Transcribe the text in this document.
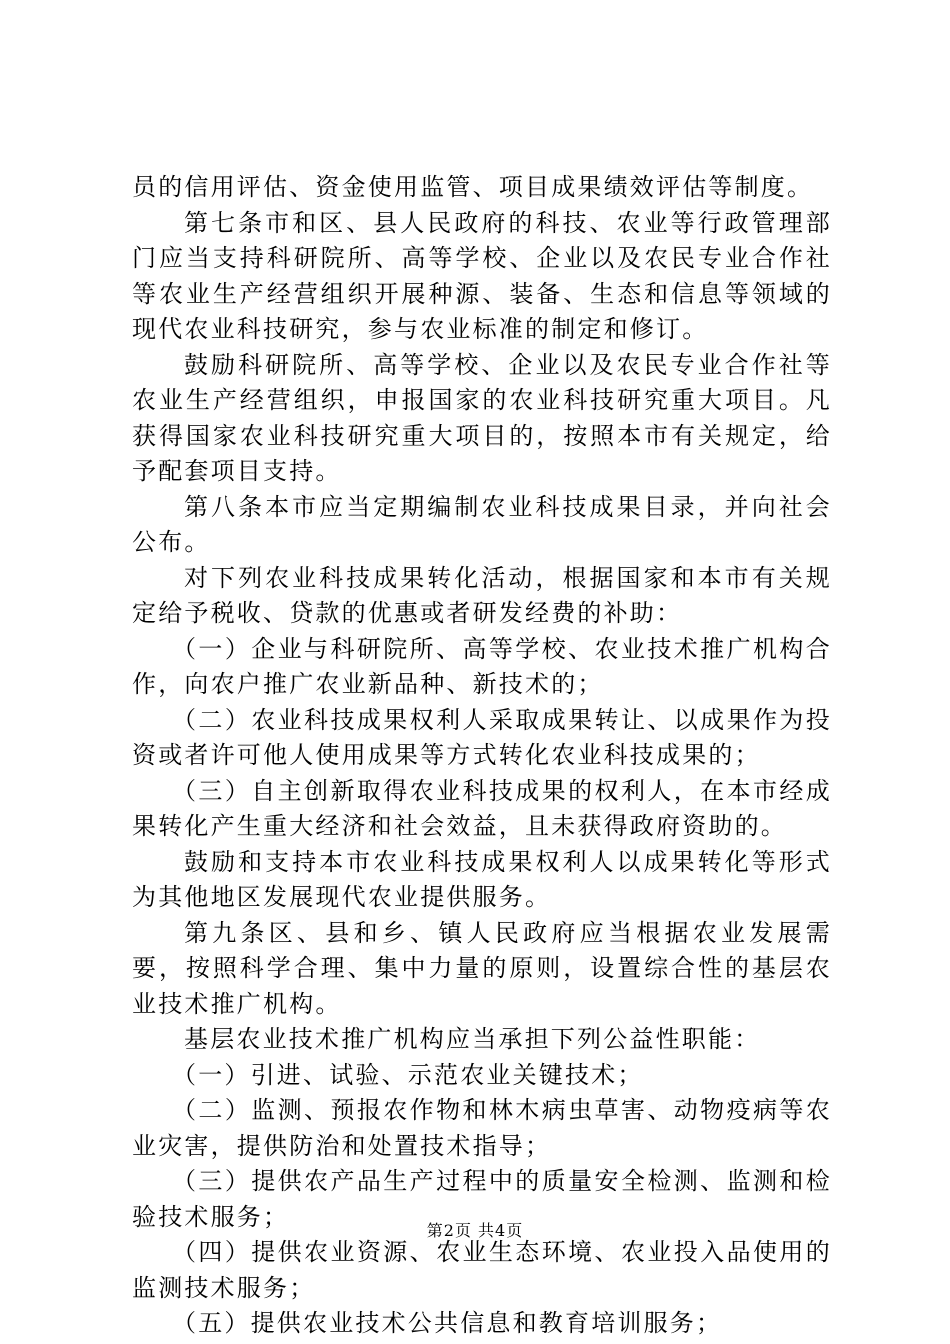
员的信用评估、资金使用监管、项目成果绩效评估等制度。

第七条市和区、县人民政府的科技、农业等行政管理部门应当支持科研院所、高等学校、企业以及农民专业合作社等农业生产经营组织开展种源、装备、生态和信息等领域的现代农业科技研究，参与农业标准的制定和修订。

鼓励科研院所、高等学校、企业以及农民专业合作社等农业生产经营组织，申报国家的农业科技研究重大项目。凡获得国家农业科技研究重大项目的，按照本市有关规定，给予配套项目支持。

第八条本市应当定期编制农业科技成果目录，并向社会公布。

对下列农业科技成果转化活动，根据国家和本市有关规定给予税收、贷款的优惠或者研发经费的补助：

（一）企业与科研院所、高等学校、农业技术推广机构合作，向农户推广农业新品种、新技术的；

（二）农业科技成果权利人采取成果转让、以成果作为投资或者许可他人使用成果等方式转化农业科技成果的；

（三）自主创新取得农业科技成果的权利人，在本市经成果转化产生重大经济和社会效益，且未获得政府资助的。

鼓励和支持本市农业科技成果权利人以成果转化等形式为其他地区发展现代农业提供服务。

第九条区、县和乡、镇人民政府应当根据农业发展需要，按照科学合理、集中力量的原则，设置综合性的基层农业技术推广机构。

基层农业技术推广机构应当承担下列公益性职能：

（一）引进、试验、示范农业关键技术；

（二）监测、预报农作物和林木病虫草害、动物疫病等农业灾害，提供防治和处置技术指导；

（三）提供农产品生产过程中的质量安全检测、监测和检验技术服务；

（四）提供农业资源、农业生态环境、农业投入品使用的监测技术服务；

（五）提供农业技术公共信息和教育培训服务；

第2页 共4页
